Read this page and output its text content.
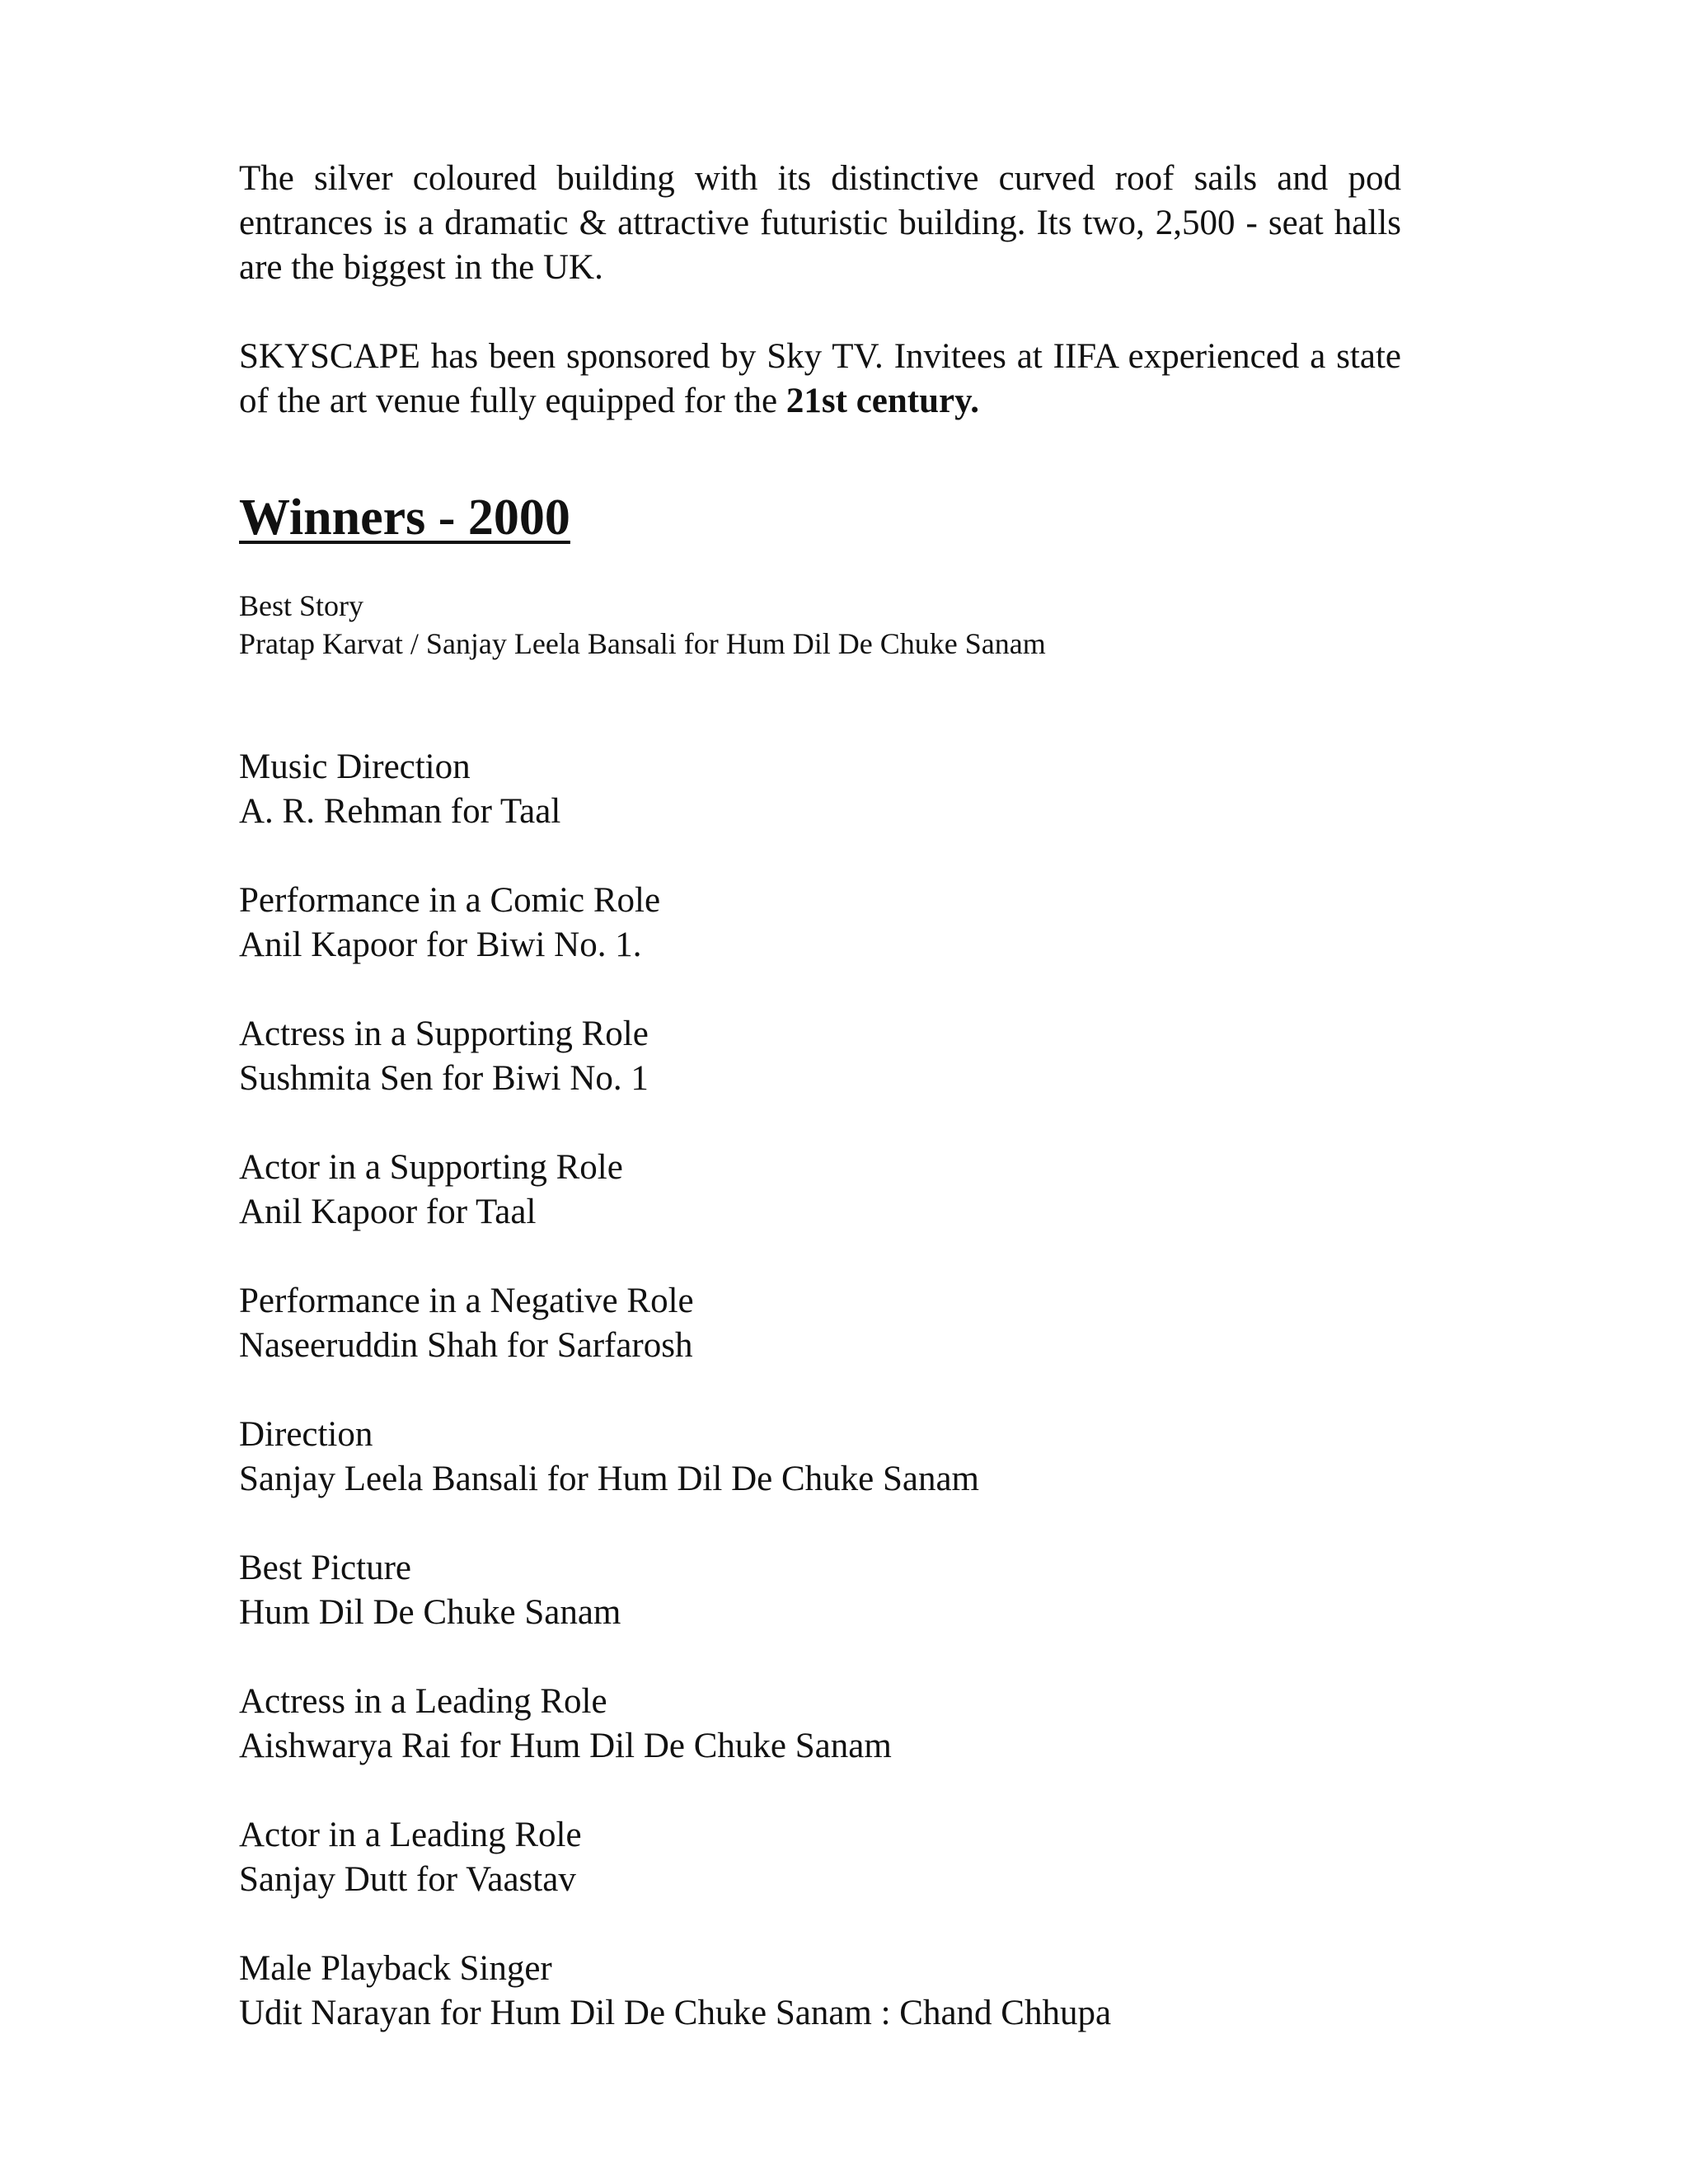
The silver coloured building with its distinctive curved roof sails and pod entrances is a dramatic & attractive futuristic building. Its two, 2,500 - seat halls are the biggest in the UK.

SKYSCAPE has been sponsored by Sky TV. Invitees at IIFA experienced a state of the art venue fully equipped for the 21st century.

Winners - 2000
Best Story
Pratap Karvat / Sanjay Leela Bansali for Hum Dil De Chuke Sanam
Music Direction
A. R. Rehman for Taal
Performance in a Comic Role
Anil Kapoor for Biwi No. 1.
Actress in a Supporting Role
Sushmita Sen for Biwi No. 1
Actor in a Supporting Role
Anil Kapoor for Taal
Performance in a Negative Role
Naseeruddin Shah for Sarfarosh
Direction
Sanjay Leela Bansali for Hum Dil De Chuke Sanam
Best Picture
Hum Dil De Chuke Sanam
Actress in a Leading Role
Aishwarya Rai for Hum Dil De Chuke Sanam
Actor in a Leading Role
Sanjay Dutt for Vaastav
Male Playback Singer
Udit Narayan for Hum Dil De Chuke Sanam : Chand Chhupa
